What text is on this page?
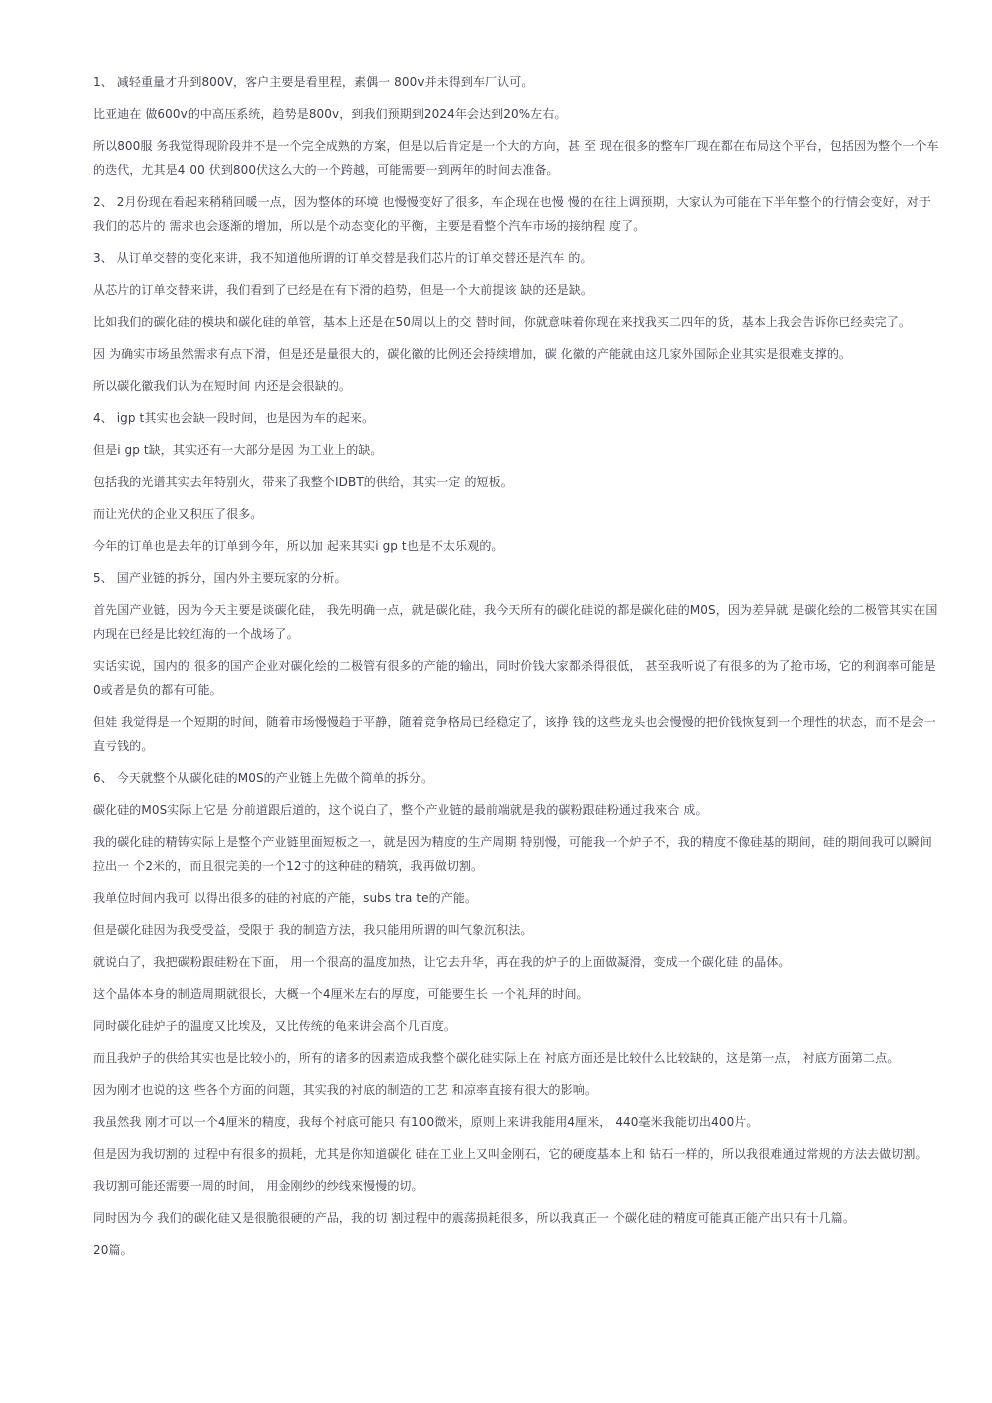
1、 减轻重量才升到800V，客户主要是看里程，素偶一 800v并未得到车厂认可。

比亚迪在 做600v的中高压系统，趋势是800v，到我们预期到2024年会达到20%左右。

所以800服 务我觉得现阶段并不是一个完全成熟的方案，但是以后肯定是一个大的方向，甚 至 现在很多的整车厂现在都在布局这个平台，包括因为整个一个车的迭代，尤其是4 00 伏到800伏这么大的一个跨越，可能需要一到两年的时间去准备。

2、 2月份现在看起来稍稍回暖一点，因为整体的环境 也慢慢变好了很多，车企现在也慢 慢的在往上调预期，大家认为可能在下半年整个的行情会变好，对于我们的芯片的 需求也会逐渐的增加，所以是个动态变化的平衡，主要是看整个汽车市场的接纳程 度了。

3、 从订单交替的变化来讲，我不知道他所谓的订单交替是我们芯片的订单交替还是汽车 的。

从芯片的订单交替来讲，我们看到了已经是在有下滑的趋势，但是一个大前提该 缺的还是缺。

比如我们的碳化硅的模块和碳化硅的单管，基本上还是在50周以上的交 替时间，你就意味着你现在来找我买二四年的货，基本上我会告诉你已经卖完了。

因 为确实市场虽然需求有点下滑，但是还是量很大的，碳化徽的比例还会持续增加，碳 化徽的产能就由这几家外国际企业其实是很难支撑的。

所以碳化徽我们认为在短时间 内还是会很缺的。

4、 igp t其实也会缺一段时间，也是因为车的起来。

但是i gp t缺，其实还有一大部分是因 为工业上的缺。

包括我的光谱其实去年特别火，带来了我整个IDBT的供给，其实一定 的短板。

而让光伏的企业又积压了很多。

今年的订单也是去年的订单到今年，所以加 起来其实i gp t也是不太乐观的。

5、 国产业链的拆分，国内外主要玩家的分析。

首先国产业链，因为今天主要是谈碳化硅， 我先明确一点，就是碳化硅，我今天所有的碳化硅说的都是碳化硅的M0S，因为差异就 是碳化绘的二极管其实在国内现在已经是比较红海的一个战场了。

实话实说，国内的 很多的国产企业对碳化绘的二极管有很多的产能的输出，同时价钱大家都杀得很低， 甚至我听说了有很多的为了抢市场，它的利润率可能是0或者是负的都有可能。

但娃 我觉得是一个短期的时间，随着市场慢慢趋于平静，随着竞争格局已经稳定了，该挣 钱的这些龙头也会慢慢的把价钱恢复到一个理性的状态，而不是会一直亏钱的。

6、 今天就整个从碳化硅的M0S的产业链上先做个简单的拆分。

碳化硅的M0S实际上它是 分前道跟后道的，这个说白了，整个产业链的最前端就是我的碳粉跟硅粉通过我來合 成。

我的碳化硅的精铸实际上是整个产业链里面短板之一，就是因为精度的生产周期 特别慢，可能我一个炉子不，我的精度不像硅基的期间，硅的期间我可以瞬间拉出一 个2米的，而且很完美的一个12寸的这种硅的精筑，我再做切割。

我单位时间内我可 以得出很多的硅的衬底的产能，subs tra te的产能。

但是碳化硅因为我受受益，受限于 我的制造方法，我只能用所谓的叫气象沉积法。

就说白了，我把碳粉跟硅粉在下面， 用一个很高的温度加热，让它去升华，再在我的炉子的上面做凝滑，变成一个碳化硅 的晶体。

这个晶体本身的制造周期就很长，大概一个4厘米左右的厚度，可能要生长 一个礼拜的时间。

同时碳化硅炉子的温度又比埃及，又比传统的龟来讲会高个几百度。

而且我炉子的供给其实也是比较小的，所有的诸多的因素造成我整个碳化硅实际上在 衬底方面还是比较什么比较缺的，这是第一点， 衬底方面第二点。

因为刚才也说的这 些各个方面的问题，其实我的衬底的制造的工艺 和凉率直接有很大的影响。

我虽然我 刚才可以一个4厘米的精度，我每个衬底可能只 有100微米，原则上来讲我能用4厘米， 440毫米我能切出400片。

但是因为我切割的 过程中有很多的损耗，尤其是你知道碳化 硅在工业上又叫金刚石，它的硬度基本上和 钻石一样的，所以我很难通过常规的方法去做切割。

我切割可能还需要一周的时间， 用金刚纱的纱线來慢慢的切。

同时因为今 我们的碳化硅又是很脆很硬的产品，我的切 割过程中的震荡损耗很多，所以我真正一 个碳化硅的精度可能真正能产出只有十几篇。

20篇。
